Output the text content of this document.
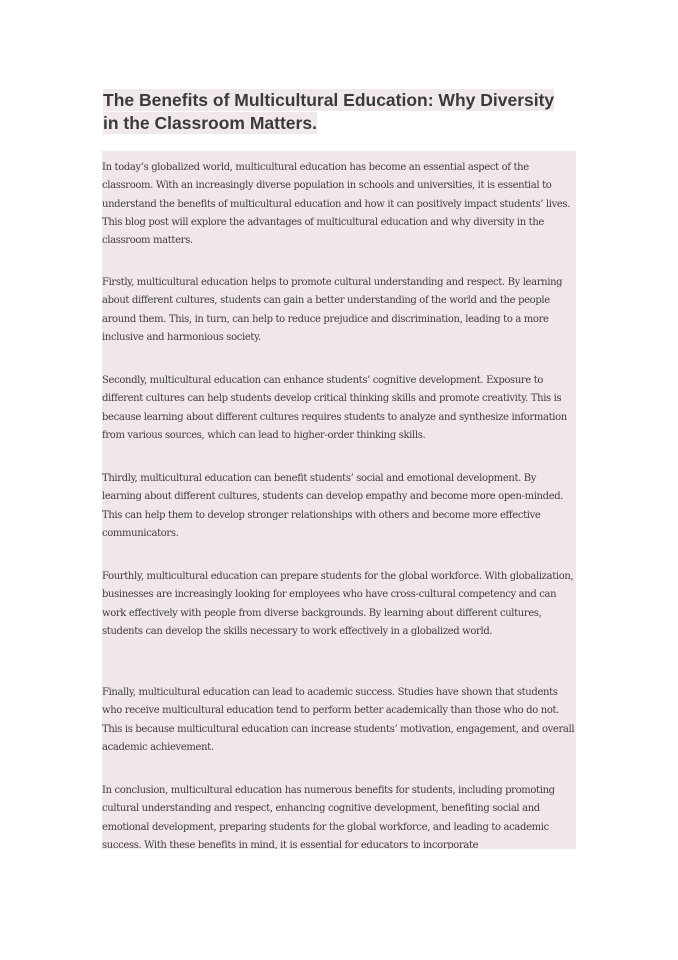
The Benefits of Multicultural Education: Why Diversity in the Classroom Matters.

In today’s globalized world, multicultural education has become an essential aspect of the classroom. With an increasingly diverse population in schools and universities, it is essential to understand the benefits of multicultural education and how it can positively impact students’ lives. This blog post will explore the advantages of multicultural education and why diversity in the classroom matters.

Firstly, multicultural education helps to promote cultural understanding and respect. By learning about different cultures, students can gain a better understanding of the world and the people around them. This, in turn, can help to reduce prejudice and discrimination, leading to a more inclusive and harmonious society.

Secondly, multicultural education can enhance students’ cognitive development. Exposure to different cultures can help students develop critical thinking skills and promote creativity. This is because learning about different cultures requires students to analyze and synthesize information from various sources, which can lead to higher-order thinking skills.

Thirdly, multicultural education can benefit students’ social and emotional development. By learning about different cultures, students can develop empathy and become more open-minded. This can help them to develop stronger relationships with others and become more effective communicators.

Fourthly, multicultural education can prepare students for the global workforce. With globalization, businesses are increasingly looking for employees who have cross-cultural competency and can work effectively with people from diverse backgrounds. By learning about different cultures, students can develop the skills necessary to work effectively in a globalized world.

Finally, multicultural education can lead to academic success. Studies have shown that students who receive multicultural education tend to perform better academically than those who do not. This is because multicultural education can increase students’ motivation, engagement, and overall academic achievement.

In conclusion, multicultural education has numerous benefits for students, including promoting cultural understanding and respect, enhancing cognitive development, benefiting social and emotional development, preparing students for the global workforce, and leading to academic success. With these benefits in mind, it is essential for educators to incorporate
